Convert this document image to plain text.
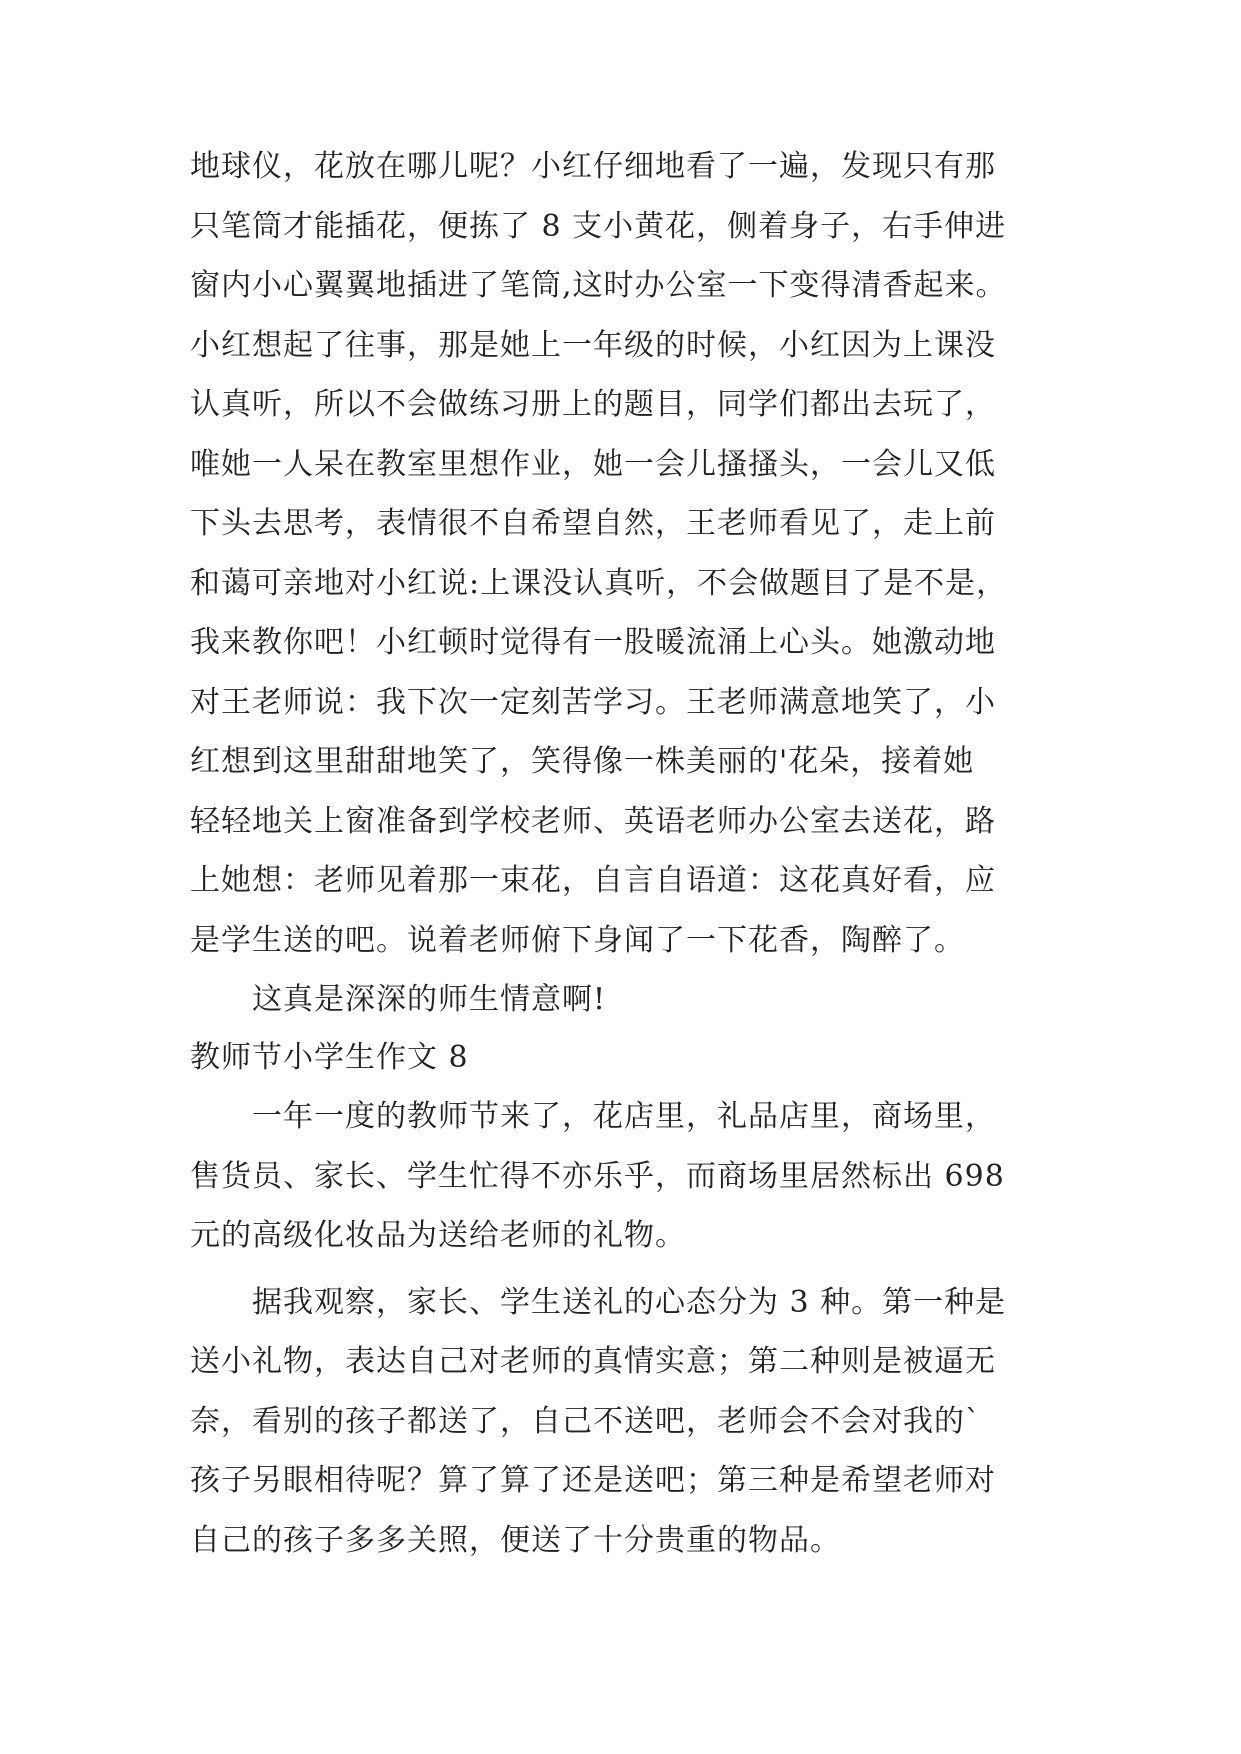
地球仪，花放在哪儿呢？小红仔细地看了一遍，发现只有那
只笔筒才能插花，便拣了 8 支小黄花，侧着身子，右手伸进
窗内小心翼翼地插进了笔筒,这时办公室一下变得清香起来。
小红想起了往事，那是她上一年级的时候，小红因为上课没
认真听，所以不会做练习册上的题目，同学们都出去玩了，
唯她一人呆在教室里想作业，她一会儿搔搔头，一会儿又低
下头去思考，表情很不自希望自然，王老师看见了，走上前
和蔼可亲地对小红说:上课没认真听，不会做题目了是不是，
我来教你吧！小红顿时觉得有一股暖流涌上心头。她激动地
对王老师说：我下次一定刻苦学习。王老师满意地笑了，小
红想到这里甜甜地笑了，笑得像一株美丽的'花朵，接着她
轻轻地关上窗准备到学校老师、英语老师办公室去送花，路
上她想：老师见着那一束花，自言自语道：这花真好看，应
是学生送的吧。说着老师俯下身闻了一下花香，陶醉了。
这真是深深的师生情意啊!
教师节小学生作文 8
一年一度的教师节来了，花店里，礼品店里，商场里，
售货员、家长、学生忙得不亦乐乎，而商场里居然标出 698
元的高级化妆品为送给老师的礼物。
据我观察，家长、学生送礼的心态分为 3 种。第一种是
送小礼物，表达自己对老师的真情实意；第二种则是被逼无
奈，看别的孩子都送了，自己不送吧，老师会不会对我的`
孩子另眼相待呢？算了算了还是送吧；第三种是希望老师对
自己的孩子多多关照，便送了十分贵重的物品。
